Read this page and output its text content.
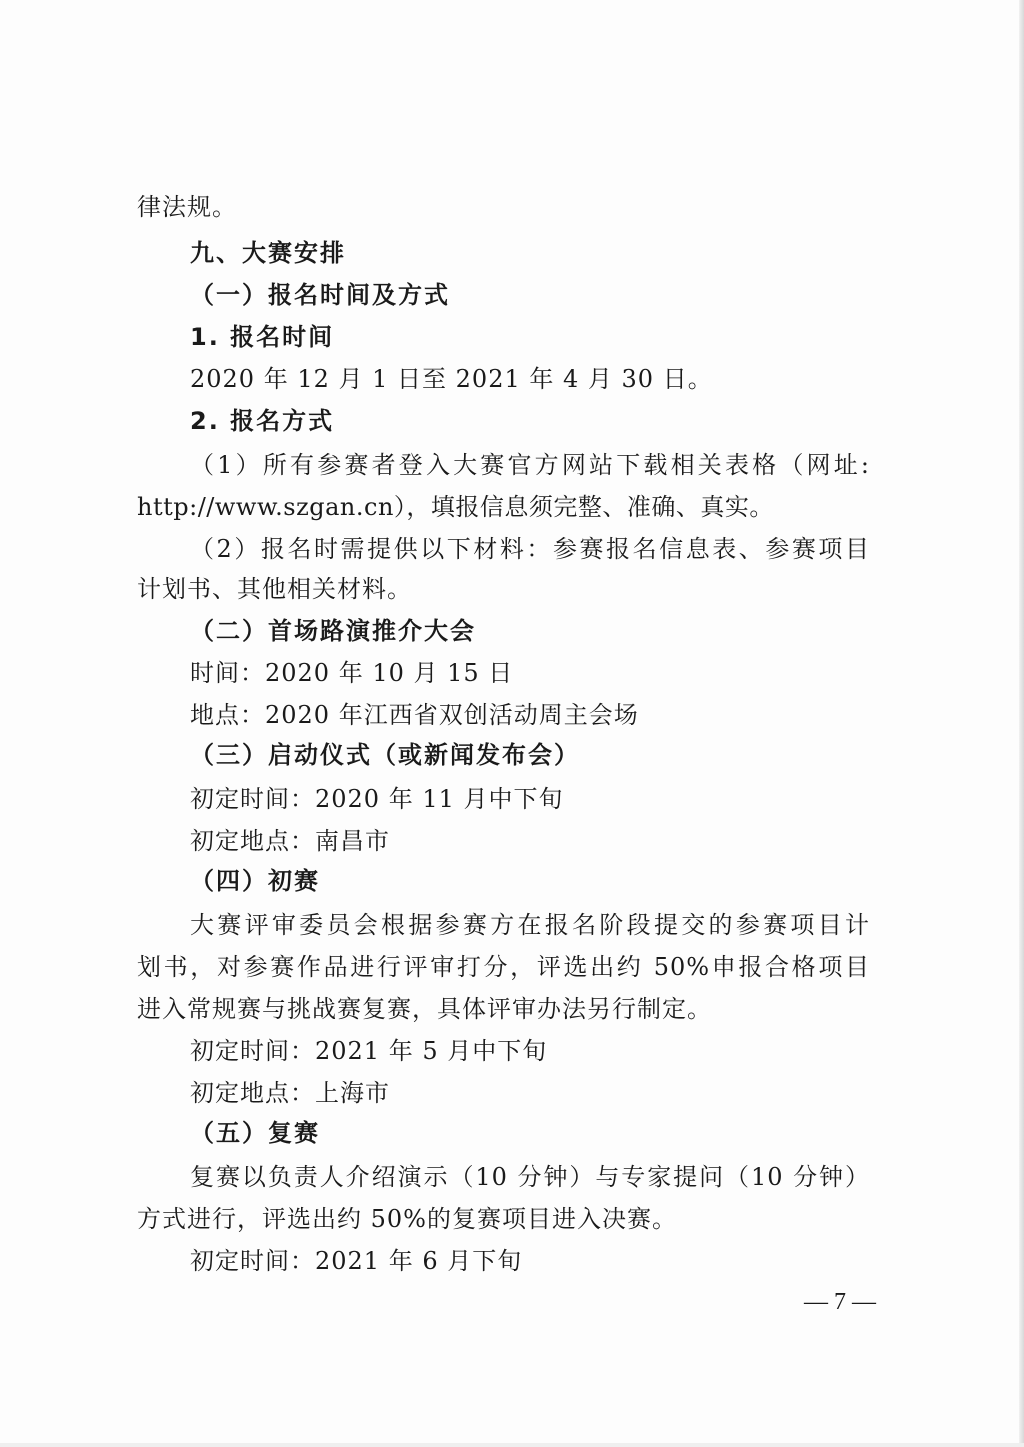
律法规。
九、大赛安排
（一）报名时间及方式
1. 报名时间
2020 年 12 月 1 日至 2021 年 4 月 30 日。
2. 报名方式
（1）所有参赛者登入大赛官方网站下载相关表格（网址:
http://www.szgan.cn），填报信息须完整、准确、真实。
（2）报名时需提供以下材料：参赛报名信息表、参赛项目
计划书、其他相关材料。
（二）首场路演推介大会
时间：2020 年 10 月 15 日
地点：2020 年江西省双创活动周主会场
（三）启动仪式（或新闻发布会）
初定时间：2020 年 11 月中下旬
初定地点：南昌市
（四）初赛
大赛评审委员会根据参赛方在报名阶段提交的参赛项目计
划书，对参赛作品进行评审打分，评选出约 50%申报合格项目
进入常规赛与挑战赛复赛，具体评审办法另行制定。
初定时间：2021 年 5 月中下旬
初定地点：上海市
（五）复赛
复赛以负责人介绍演示（10 分钟）与专家提问（10 分钟）
方式进行，评选出约 50%的复赛项目进入决赛。
初定时间：2021 年 6 月下旬
— 7 —
